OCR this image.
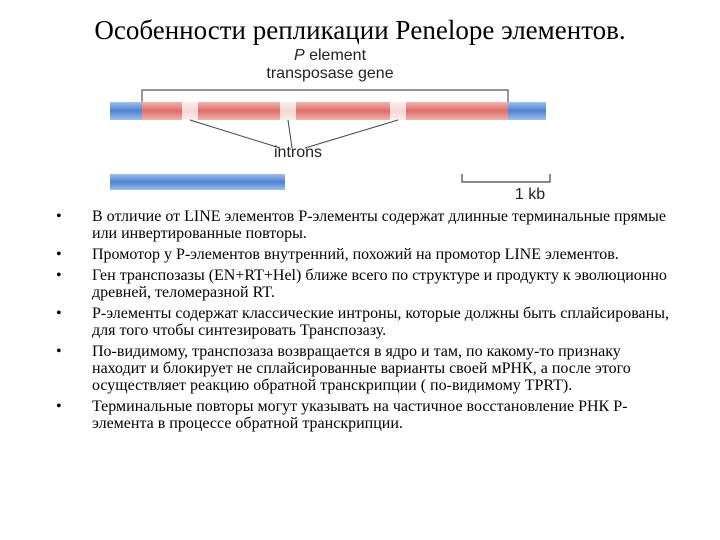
Особенности репликации Penelope элементов.
P element
transposase gene
introns
1 kb
• В отличие от LINE элементов Р-элементы содержат длинные терминальные прямые или инвертированные повторы.
• Промотор у Р-элементов внутренний, похожий на промотор LINE элементов.
• Ген транспозазы (EN+RT+Hel) ближе всего по структуре и продукту к эволюционно древней, теломеразной RT.
• Р-элементы содержат классические интроны, которые должны быть сплайсированы, для того чтобы синтезировать Транспозазу.
• По-видимому, транспозаза возвращается в ядро и там, по какому-то признаку находит и блокирует не сплайсированные варианты своей мРНК, а после этого осуществляет реакцию обратной транскрипции ( по-видимому TPRT).
• Терминальные повторы могут указывать на частичное восстановление РНК Р-элемента в процессе обратной транскрипции.
